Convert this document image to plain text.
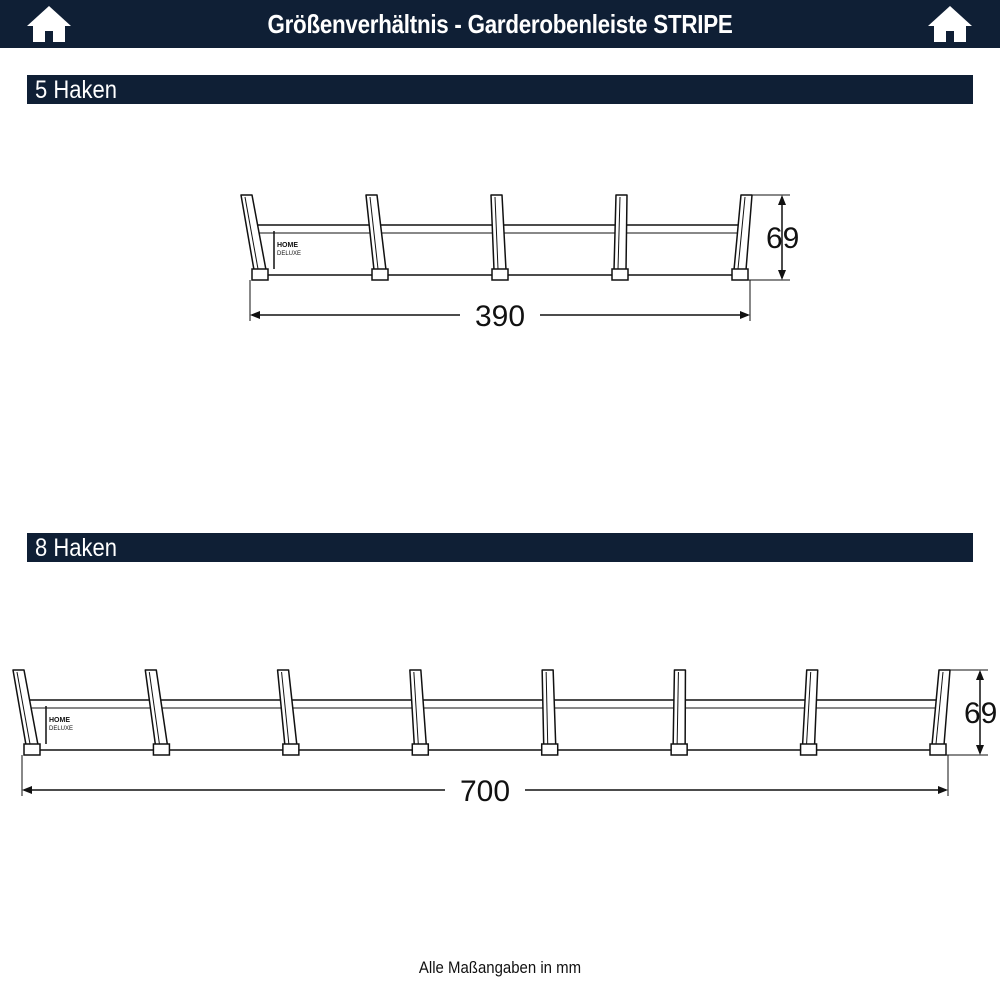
Größenverhältnis - Garderobenleiste STRIPE
5 Haken
390
69
HOME
DELUXE
8 Haken
700
69
HOME
DELUXE
Alle Maßangaben in mm
